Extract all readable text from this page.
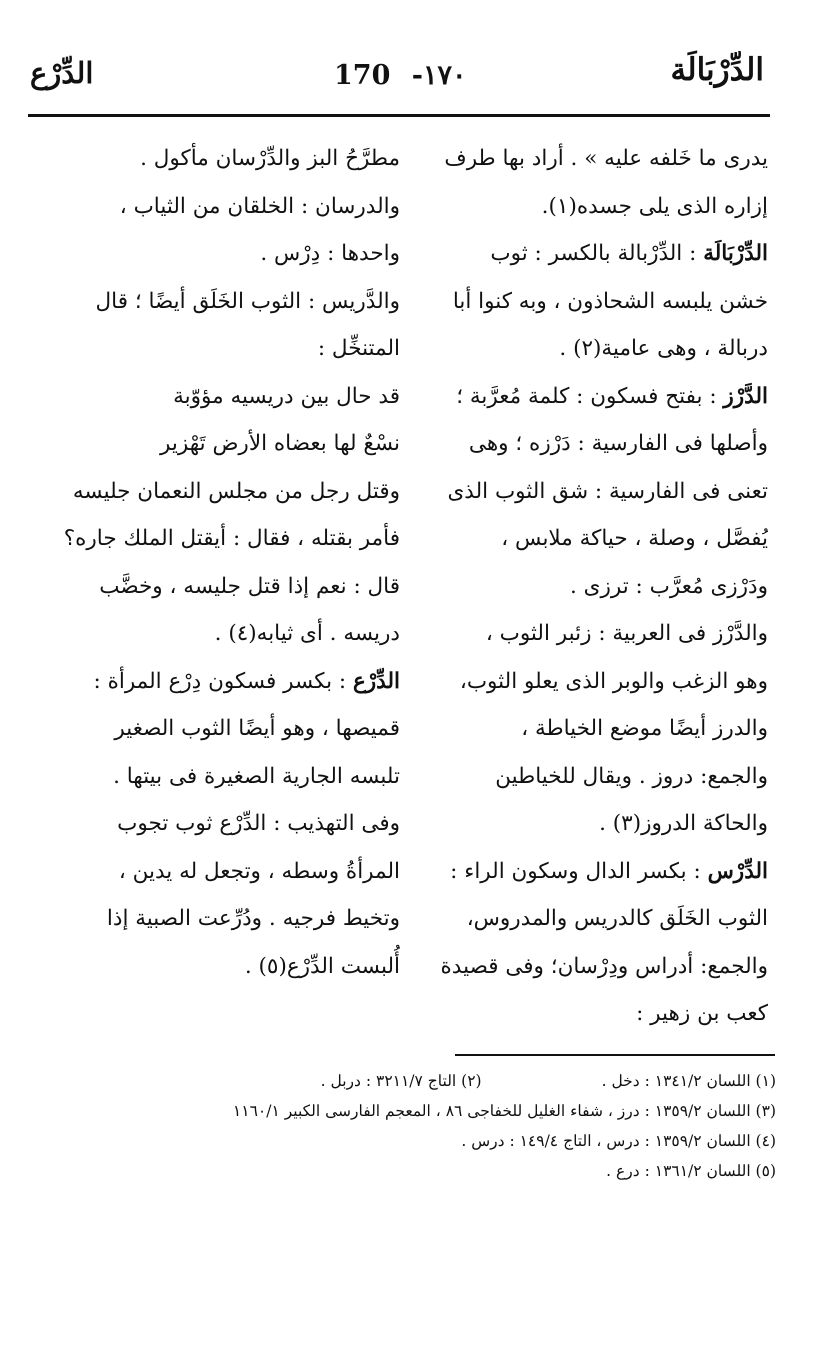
الدِّرْبَالَة
170 -١٧٠
الدِّرْع
يدرى ما خَلفه عليه » . أراد بها طرف
إزاره الذى يلى جسده(١).
الدِّرْبَالَة : الدِّرْبالة بالكسر : ثوب
خشن يلبسه الشحاذون ، وبه كنوا أبا
دربالة ، وهى عامية(٢) .
الدَّرْز : بفتح فسكون : كلمة مُعرَّبة ؛
وأصلها فى الفارسية : دَرْزه ؛ وهى
تعنى فى الفارسية : شق الثوب الذى
يُفصَّل ، وصلة ، حياكة ملابس ،
ودَرْزى مُعرَّب : ترزى .
والدَّرْز فى العربية : زئبر الثوب ،
وهو الزغب والوبر الذى يعلو الثوب،
والدرز أيضًا موضع الخياطة ،
والجمع: دروز . ويقال للخياطين
والحاكة الدروز(٣) .
الدِّرْس : بكسر الدال وسكون الراء :
الثوب الخَلَق كالدريس والمدروس،
والجمع: أدراس ودِرْسان؛ وفى قصيدة
كعب بن زهير :
مطرَّحُ البز والدِّرْسان مأكول .
والدرسان : الخلقان من الثياب ،
واحدها : دِرْس .
والدَّريس : الثوب الخَلَق أيضًا ؛ قال
المتنخِّل :
قد حال بين دريسيه مؤوّبة
نسْعٌ لها بعضاه الأرض تَهْزير
وقتل رجل من مجلس النعمان جليسه
فأمر بقتله ، فقال : أيقتل الملك جاره؟
قال : نعم إذا قتل جليسه ، وخضَّب
دريسه . أى ثيابه(٤) .
الدِّرْع : بكسر فسكون دِرْع المرأة :
قميصها ، وهو أيضًا الثوب الصغير
تلبسه الجارية الصغيرة فى بيتها .
وفى التهذيب : الدِّرْع ثوب تجوب
المرأةُ وسطه ، وتجعل له يدين ،
وتخيط فرجيه . ودُرِّعت الصبية إذا
أُلبست الدِّرْع(٥) .
(١) اللسان ١٣٤١/٢ : دخل .(٢) التاج ٣٢١١/٧ : دربل .
(٣) اللسان ١٣٥٩/٢ : درز ، شفاء الغليل للخفاجى ٨٦ ، المعجم الفارسى الكبير ١١٦٠/١
(٤) اللسان ١٣٥٩/٢ : درس ، التاج ١٤٩/٤ : درس .
(٥) اللسان ١٣٦١/٢ : درع .
